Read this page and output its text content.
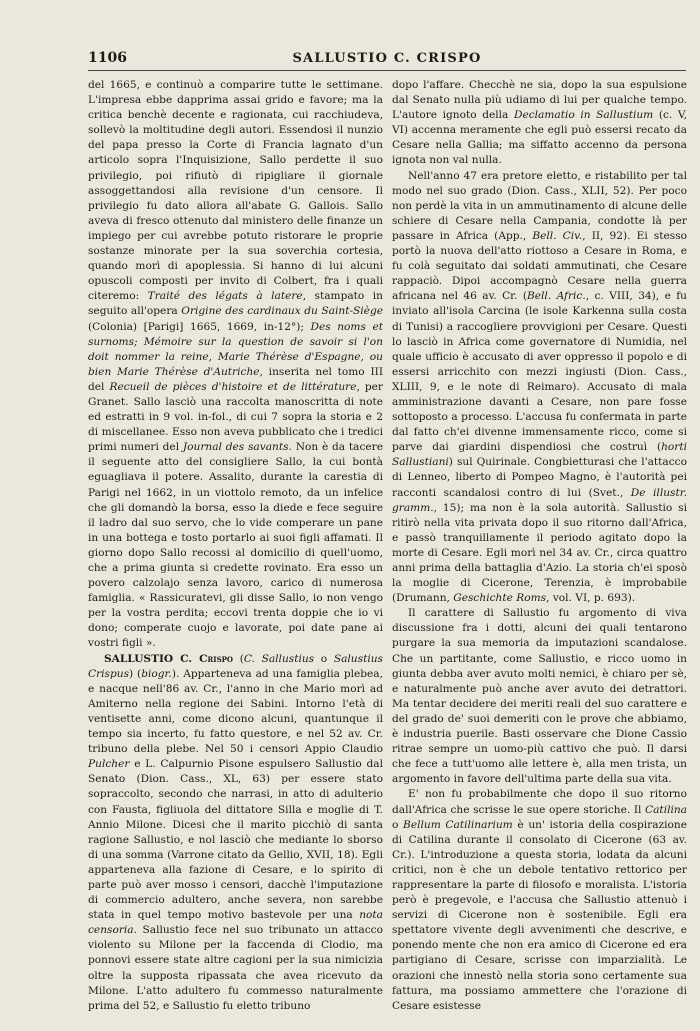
1106	SALLUSTIO C. CRISPO

del 1665, e continuò a comparire tutte le settimane. L'impresa ebbe dapprima assai grido e favore; ma la critica benchè decente e ragionata, cui racchiudeva, sollevò la moltitudine degli autori. Essendosi il nunzio del papa presso la Corte di Francia lagnato d'un articolo sopra l'Inquisizione, Sallo perdette il suo privilegio, poi rifiutò di ripigliare il giornale assoggettandosi alla revisione d'un censore. Il privilegio fu dato allora all'abate G. Gallois. Sallo aveva di fresco ottenuto dal ministero delle finanze un impiego per cui avrebbe potuto ristorare le proprie sostanze minorate per la sua soverchia cortesia, quando morì di apoplessia. Si hanno di lui alcuni opuscoli composti per invito di Colbert, fra i quali citeremo: Traité des légats à latere, stampato in seguito all'opera Origine des cardinaux du Saint-Siège (Colonia) [Parigi] 1665, 1669, in-12°); Des noms et surnoms; Mémoire sur la question de savoir si l'on doit nommer la reine, Marie Thérèse d'Espagne, ou bien Marie Thérèse d'Autriche, inserita nel tomo III del Recueil de pièces d'histoire et de littérature, per Granet. Sallo lasciò una raccolta manoscritta di note ed estratti in 9 vol. in-fol., di cui 7 sopra la storia e 2 di miscellanee. Esso non aveva pubblicato che i tredici primi numeri del Journal des savants. Non è da tacere il seguente atto del consigliere Sallo, la cui bontà eguagliava il potere. Assalito, durante la carestia di Parigi nel 1662, in un viottolo remoto, da un infelice che gli domandò la borsa, esso la diede e fece seguire il ladro dal suo servo, che lo vide comperare un pane in una bottega e tosto portarlo ai suoi figli affamati. Il giorno dopo Sallo recossi al domicilio di quell'uomo, che a prima giunta si credette rovinato. Era esso un povero calzolajo senza lavoro, carico di numerosa famiglia. « Rassicuratevi, gli disse Sallo, io non vengo per la vostra perdita; eccovi trenta doppie che io vi dono; comperate cuojo e lavorate, poi date pane ai vostri figli ».

SALLUSTIO C. Crispo (C. Sallustius o Salustius Crispus) (biogr.). Apparteneva ad una famiglia plebea, e nacque nell'86 av. Cr., l'anno in che Mario morì ad Amiterno nella regione dei Sabini. Intorno l'età di ventisette anni, come dicono alcuni, quantunque il tempo sia incerto, fu fatto questore, e nel 52 av. Cr. tribuno della plebe. Nel 50 i censori Appio Claudio Pulcher e L. Calpurnio Pisone espulsero Sallustio dal Senato (Dion. Cass., XL, 63) per essere stato sopraccolto, secondo che narrasi, in atto di adulterio con Fausta, figliuola del dittatore Silla e moglie di T. Annio Milone. Dicesi che il marito picchiò di santa ragione Sallustio, e nol lasciò che mediante lo sborso di una somma (Varrone citato da Gellio, XVII, 18). Egli apparteneva alla fazione di Cesare, e lo spirito di parte può aver mosso i censori, dacchè l'imputazione di commercio adultero, anche severa, non sarebbe stata in quel tempo motivo bastevole per una nota censoria. Sallustio fece nel suo tribunato un attacco violento su Milone per la faccenda di Clodio, ma ponnovi essere state altre cagioni per la sua nimicizia oltre la supposta ripassata che avea ricevuto da Milone. L'atto adultero fu commesso naturalmente prima del 52, e Sallustio fu eletto tribuno

dopo l'affare. Checchè ne sia, dopo la sua espulsione dal Senato nulla più udiamo di lui per qualche tempo. L'autore ignoto della Declamatio in Sallustium (c. V, VI) accenna meramente che egli può essersi recato da Cesare nella Gallia; ma siffatto accenno da persona ignota non val nulla.

Nell'anno 47 era pretore eletto, e ristabilito per tal modo nel suo grado (Dion. Cass., XLII, 52). Per poco non perdè la vita in un ammutinamento di alcune delle schiere di Cesare nella Campania, condotte là per passare in Africa (App., Bell. Civ., II, 92). Ei stesso portò la nuova dell'atto riottoso a Cesare in Roma, e fu colà seguitato dai soldati ammutinati, che Cesare rappaciò. Dipoi accompagnò Cesare nella guerra africana nel 46 av. Cr. (Bell. Afric., c. VIII, 34), e fu inviato all'isola Carcina (le isole Karkenna sulla costa di Tunisi) a raccogliere provvigioni per Cesare. Questi lo lasciò in Africa come governatore di Numidia, nel quale ufficio è accusato di aver oppresso il popolo e di essersi arricchito con mezzi ingiusti (Dion. Cass., XLIII, 9, e le note di Reimaro). Accusato di mala amministrazione davanti a Cesare, non pare fosse sottoposto a processo. L'accusa fu confermata in parte dal fatto ch'ei divenne immensamente ricco, come si parve dai giardini dispendiosi che costruì (horti Sallustiani) sul Quirinale. Congbietturasi che l'attacco di Lenneo, liberto di Pompeo Magno, è l'autorità pei racconti scandalosi contro di lui (Svet., De illustr. gramm., 15); ma non è la sola autorità. Sallustio si ritirò nella vita privata dopo il suo ritorno dall'Africa, e passò tranquillamente il periodo agitato dopo la morte di Cesare. Egli morì nel 34 av. Cr., circa quattro anni prima della battaglia d'Azio. La storia ch'ei sposò la moglie di Cicerone, Terenzia, è improbabile (Drumann, Geschichte Roms, vol. VI, p. 693).

Il carattere di Sallustio fu argomento di viva discussione fra i dotti, alcuni dei quali tentarono purgare la sua memoria da imputazioni scandalose. Che un partitante, come Sallustio, e ricco uomo in giunta debba aver avuto molti nemici, è chiaro per sè, e naturalmente può anche aver avuto dei detrattori. Ma tentar decidere dei meriti reali del suo carattere e del grado de' suoi demeriti con le prove che abbiamo, è industria puerile. Basti osservare che Dione Cassio ritrae sempre un uomo-più cattivo che può. Il darsi che fece a tutt'uomo alle lettere è, alla men trista, un argomento in favore dell'ultima parte della sua vita.

E' non fu probabilmente che dopo il suo ritorno dall'Africa che scrisse le sue opere storiche. Il Catilina o Bellum Catilinarium è un' istoria della cospirazione di Catilina durante il consolato di Cicerone (63 av. Cr.). L'introduzione a questa storia, lodata da alcuni critici, non è che un debole tentativo rettorico per rappresentare la parte di filosofo e moralista. L'istoria però è pregevole, e l'accusa che Sallustio attenuò i servizi di Cicerone non è sostenibile. Egli era spettatore vivente degli avvenimenti che descrive, e ponendo mente che non era amico di Cicerone ed era partigiano di Cesare, scrisse con imparzialità. Le orazioni che innestò nella storia sono certamente sua fattura, ma possiamo ammettere che l'orazione di Cesare esistesse
